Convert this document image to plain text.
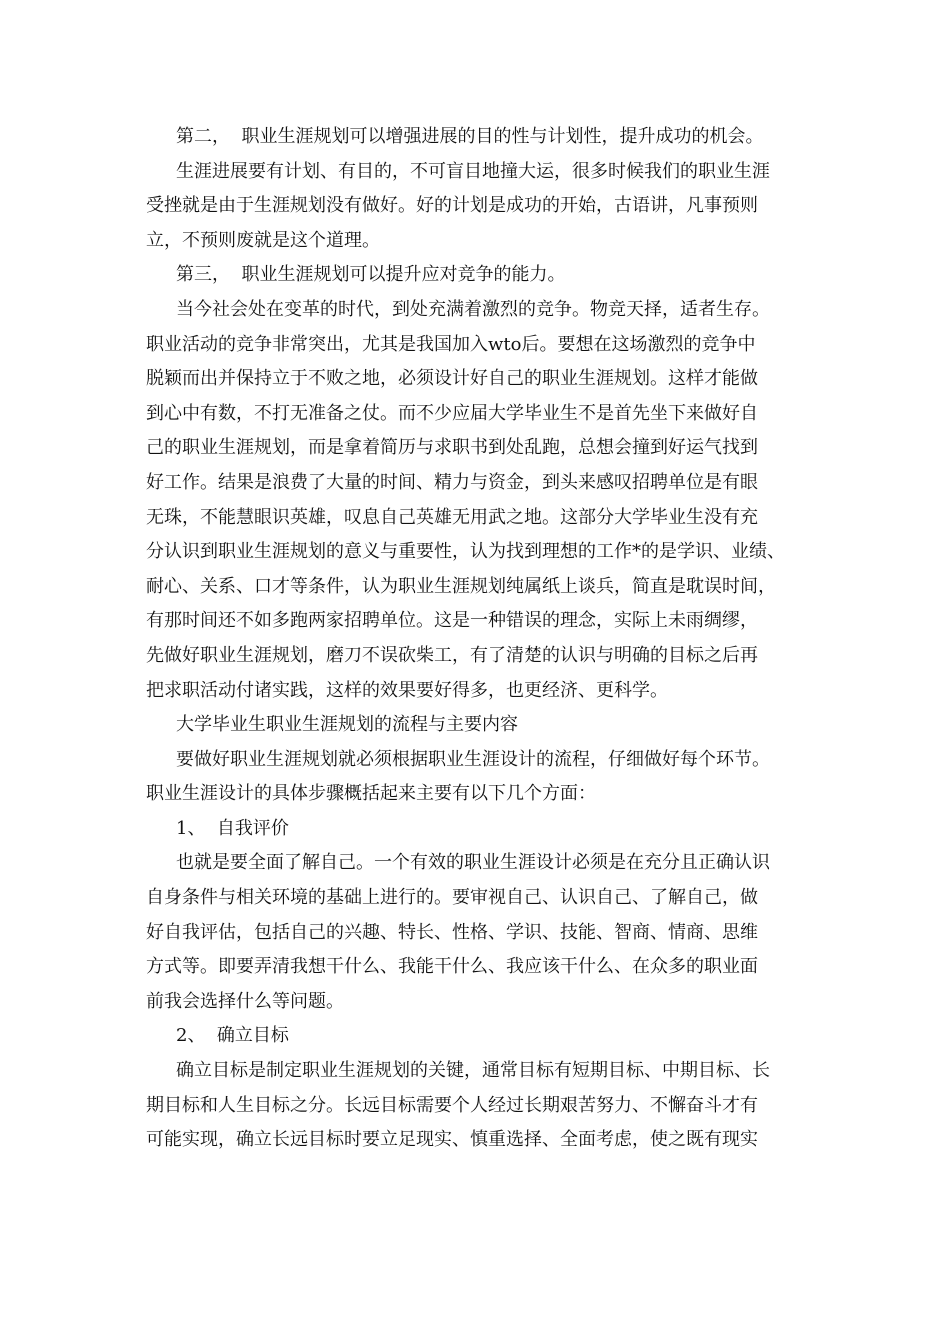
第二，  职业生涯规划可以增强进展的目的性与计划性，提升成功的机会。
生涯进展要有计划、有目的，不可盲目地撞大运，很多时候我们的职业生涯
受挫就是由于生涯规划没有做好。好的计划是成功的开始，古语讲，凡事预则
立，不预则废就是这个道理。
第三，  职业生涯规划可以提升应对竞争的能力。
当今社会处在变革的时代，到处充满着激烈的竞争。物竞天择，适者生存。
职业活动的竞争非常突出，尤其是我国加入wto后。要想在这场激烈的竞争中
脱颖而出并保持立于不败之地，必须设计好自己的职业生涯规划。这样才能做
到心中有数，不打无准备之仗。而不少应届大学毕业生不是首先坐下来做好自
己的职业生涯规划，而是拿着简历与求职书到处乱跑，总想会撞到好运气找到
好工作。结果是浪费了大量的时间、精力与资金，到头来感叹招聘单位是有眼
无珠，不能慧眼识英雄，叹息自己英雄无用武之地。这部分大学毕业生没有充
分认识到职业生涯规划的意义与重要性，认为找到理想的工作*的是学识、业绩、
耐心、关系、口才等条件，认为职业生涯规划纯属纸上谈兵，简直是耽误时间，
有那时间还不如多跑两家招聘单位。这是一种错误的理念，实际上未雨绸缪，
先做好职业生涯规划，磨刀不误砍柴工，有了清楚的认识与明确的目标之后再
把求职活动付诸实践，这样的效果要好得多，也更经济、更科学。
大学毕业生职业生涯规划的流程与主要内容
要做好职业生涯规划就必须根据职业生涯设计的流程，仔细做好每个环节。
职业生涯设计的具体步骤概括起来主要有以下几个方面：
1、  自我评价
也就是要全面了解自己。一个有效的职业生涯设计必须是在充分且正确认识
自身条件与相关环境的基础上进行的。要审视自己、认识自己、了解自己，做
好自我评估，包括自己的兴趣、特长、性格、学识、技能、智商、情商、思维
方式等。即要弄清我想干什么、我能干什么、我应该干什么、在众多的职业面
前我会选择什么等问题。
2、  确立目标
确立目标是制定职业生涯规划的关键，通常目标有短期目标、中期目标、长
期目标和人生目标之分。长远目标需要个人经过长期艰苦努力、不懈奋斗才有
可能实现，确立长远目标时要立足现实、慎重选择、全面考虑，使之既有现实
